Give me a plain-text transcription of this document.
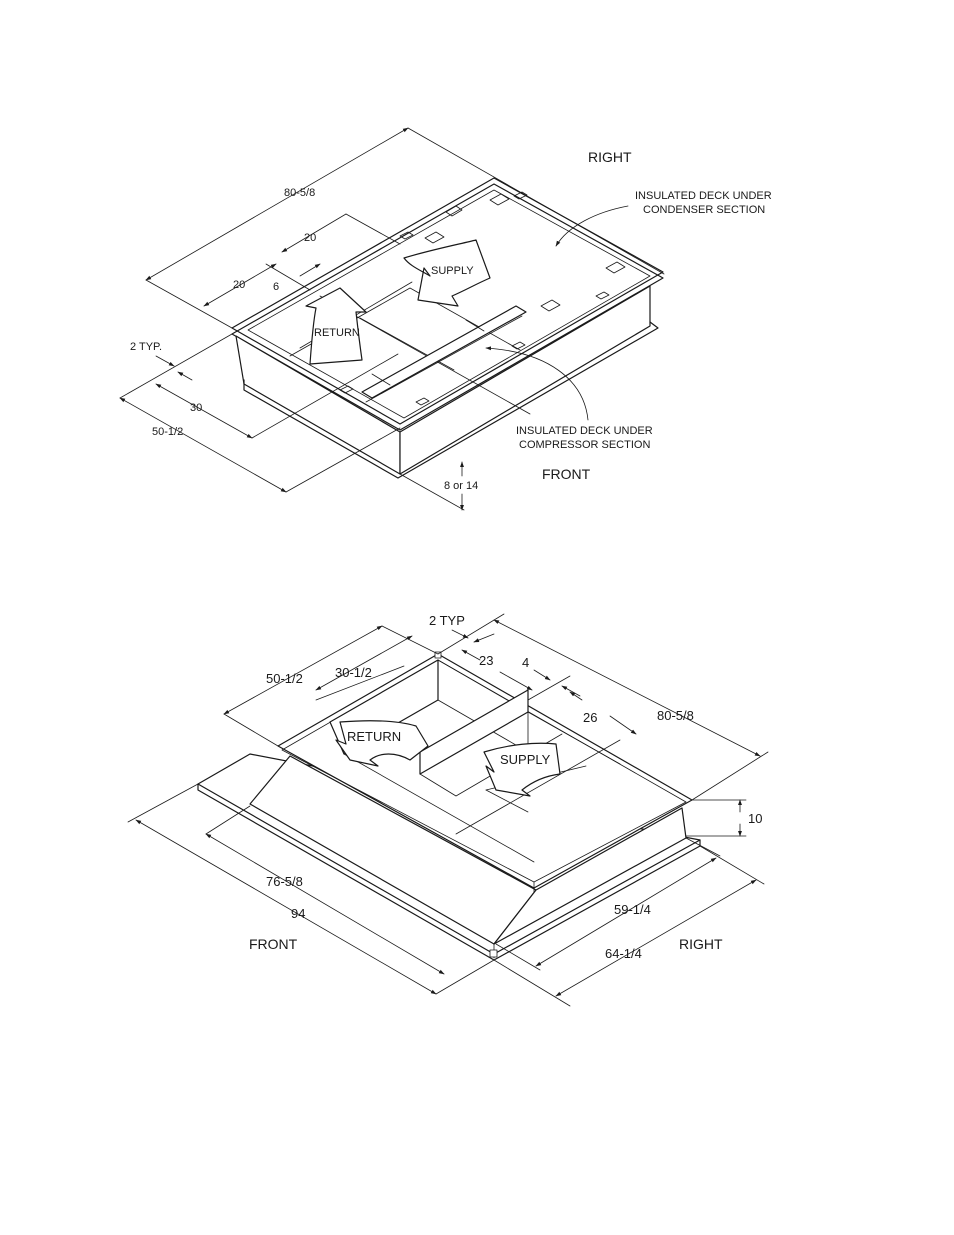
SUPPLY
RETURN
80-5/8
20
20	6
2 TYP.
30
50-1/2
8 or 14
RIGHT
FRONT
INSULATED DECK UNDER
CONDENSER SECTION
INSULATED DECK UNDER
COMPRESSOR SECTION
RETURN
SUPPLY
2 TYP
23 4
26	80-5/8
50-1/2 30-1/2
10
76-5/8
94	59-1/4
64-1/4
FRONT	RIGHT
